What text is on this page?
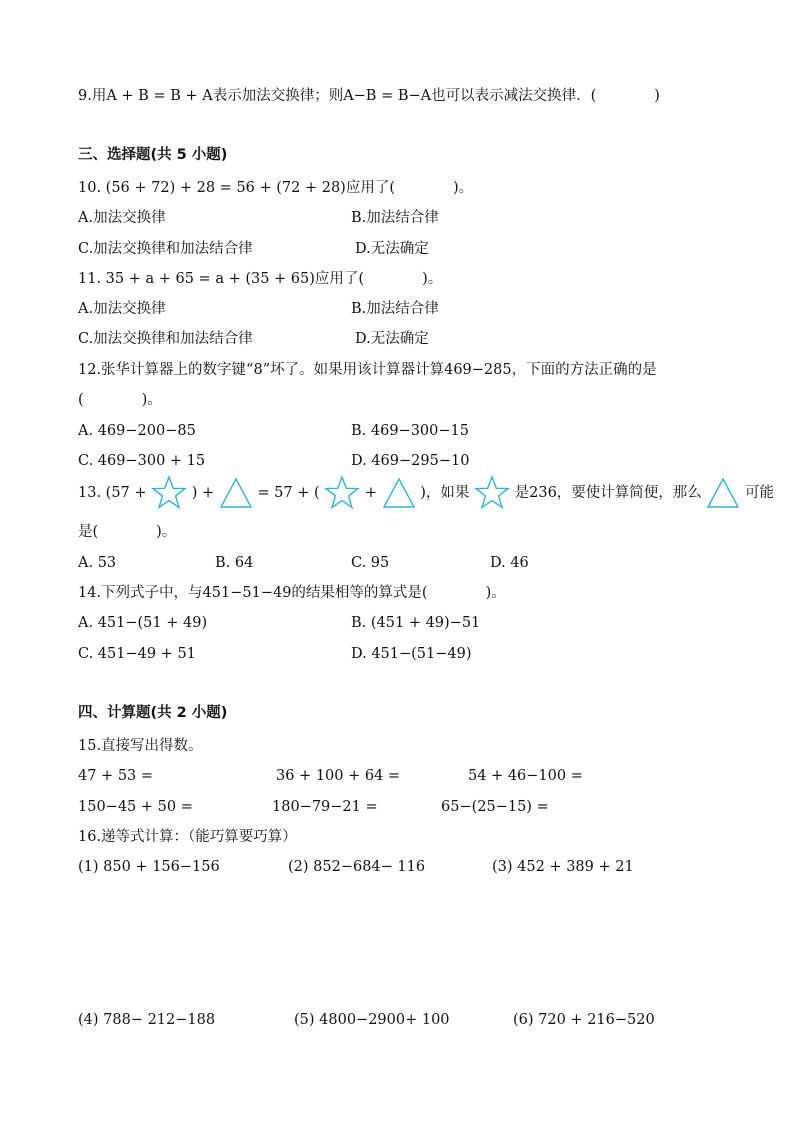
9.用A + B = B + A表示加法交换律；则A−B = B−A也可以表示减法交换律．(　　　　)
三、选择题(共 5 小题)
10. (56 + 72) + 28 = 56 + (72 + 28)应用了(　　　　)。
A.加法交换律	B.加法结合律
C.加法交换律和加法结合律	D.无法确定
11. 35 + a + 65 = a + (35 + 65)应用了(　　　　)。
A.加法交换律	B.加法结合律
C.加法交换律和加法结合律	D.无法确定
12.张华计算器上的数字键“8”坏了。如果用该计算器计算469−285，下面的方法正确的是
(　　　　)。
A. 469−200−85	B. 469−300−15
C. 469−300 + 15	D. 469−295−10
13. (57 +	) +	= 57 + (	+	)，如果	是236，要使计算简便，那么	可能
是(　　　　)。
A. 53	B. 64	C. 95	D. 46
14.下列式子中，与451−51−49的结果相等的算式是(　　　　)。
A. 451−(51 + 49)	B. (451 + 49)−51
C. 451−49 + 51	D. 451−(51−49)
四、计算题(共 2 小题)
15.直接写出得数。
47 + 53 =	36 + 100 + 64 =	54 + 46−100 =
150−45 + 50 =	180−79−21 =	65−(25−15) =
16.递等式计算：（能巧算要巧算）
(1) 850 + 156−156	(2) 852−684− 116	(3) 452 + 389 + 21
(4) 788− 212−188	(5) 4800−2900+ 100	(6) 720 + 216−520
